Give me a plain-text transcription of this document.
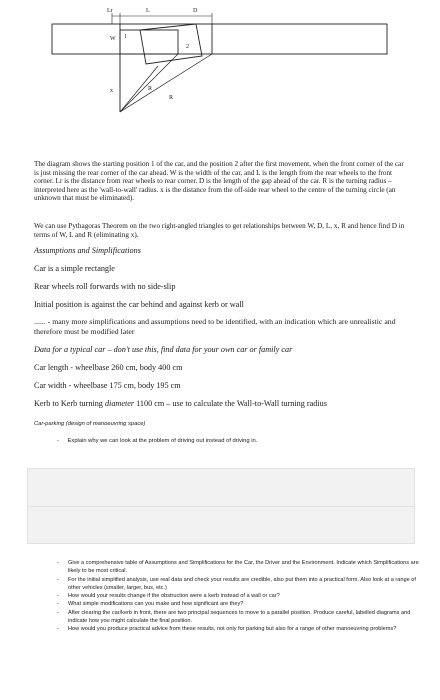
Lr	L	D
W 1
2
x	R
R
The diagram shows the starting position 1 of the car, and the position 2 after the first movement, when the front corner of the car is just missing the rear corner of the car ahead. W is the width of the car, and L is the length from the rear wheels to the front corner. Lr is the distance from rear wheels to rear corner. D is the length of the gap ahead of the car. R is the turning radius – interpreted here as the 'wall-to-wall' radius. x is the distance from the off-side rear wheel to the centre of the turning circle (an unknown that must be eliminated).
We can use Pythagoras Theorem on the two right-angled triangles to get relationships between W, D, L, x, R and hence find D in terms of W, L and R (eliminating x).
Assumptions and Simplifications
Car is a simple rectangle
Rear wheels roll forwards with no side-slip
Initial position is against the car behind and against kerb or wall
...... - many more simplifications and assumptions need to be identified, with an indication which are unrealistic and therefore must be modified later
Data for a typical car – don't use this, find data for your own car or family car
Car length - wheelbase 260 cm, body 400 cm
Car width - wheelbase 175 cm, body 195 cm
Kerb to Kerb turning diameter 1100 cm – use to calculate the Wall-to-Wall turning radius
Car-parking (design of manoeuvring space)
- Explain why we can look at the problem of driving out instead of driving in.
- Give a comprehensive table of Assumptions and Simplifications for the Car, the Driver and the Environment. Indicate which Simplifications are likely to be most critical.
- For the initial simplified analysis, use real data and check your results are credible, also put them into a practical form. Also look at a range of other vehicles (smaller, larger, bus, etc.)
- How would your results change if the obstruction were a kerb instead of a wall or car?
- What simple modifications can you make and how significant are they?
- After clearing the car/kerb in front, there are two principal sequences to move to a parallel position. Produce careful, labelled diagrams and indicate how you might calculate the final position.
- How would you produce practical advice from these results, not only for parking but also for a range of other manoeuvring problems?
